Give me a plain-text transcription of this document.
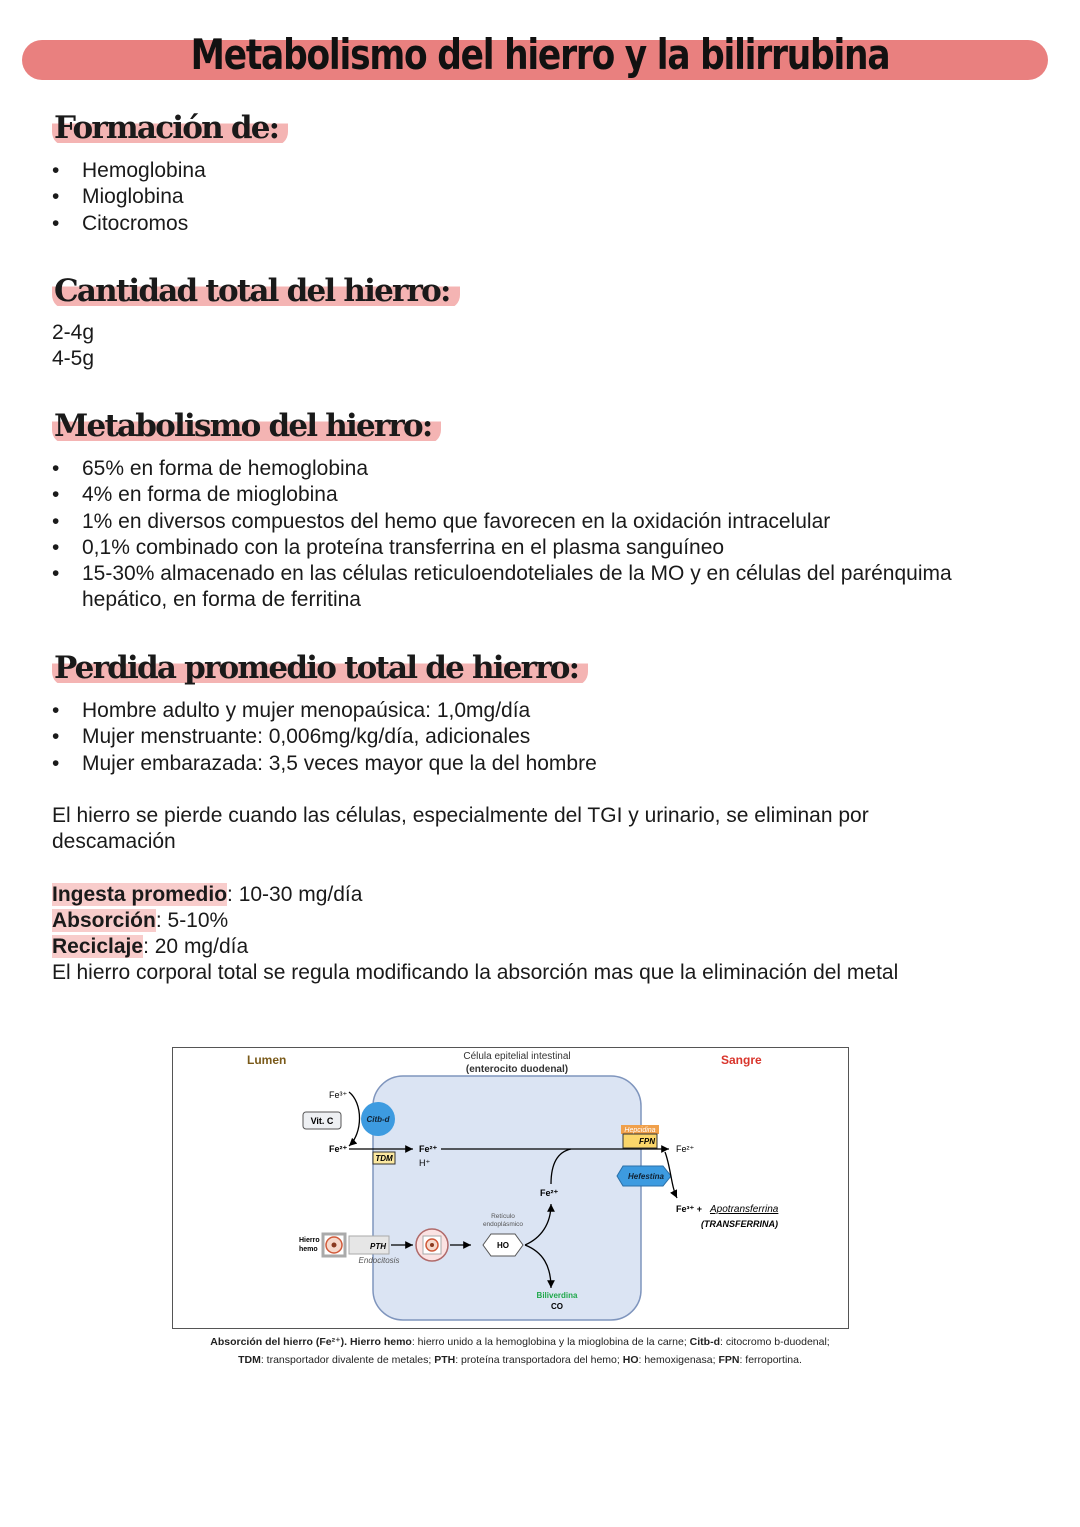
Metabolismo del hierro y la bilirrubina
Formación de:
• Hemoglobina
• Mioglobina
• Citocromos
Cantidad total del hierro:
2-4g
4-5g
Metabolismo del hierro:
• 65% en forma de hemoglobina
• 4% en forma de mioglobina
• 1% en diversos compuestos del hemo que favorecen en la oxidación intracelular
• 0,1% combinado con la proteína transferrina en el plasma sanguíneo
• 15-30% almacenado en las células reticuloendoteliales de la MO y en células del parénquima hepático, en forma de ferritina
Perdida promedio total de hierro:
• Hombre adulto y mujer menopaúsica: 1,0mg/día
• Mujer menstruante: 0,006mg/kg/día, adicionales
• Mujer embarazada: 3,5 veces mayor que la del hombre
El hierro se pierde cuando las células, especialmente del TGI y urinario, se eliminan por descamación
Ingesta promedio: 10-30 mg/día
Absorción: 5-10%
Reciclaje: 20 mg/día
El hierro corporal total se regula modificando la absorción mas que la eliminación del metal
Lumen	Célula epitelial intestinal
(enterocito duodenal)
Sangre
Fe³⁺
Vit. C	Citb-d
Fe²⁺
TDM
Fe²⁺
H⁺
Hepcidina
FPN
Fe²⁺
Hefestina
Fe³⁺ + Apotransferrina
(TRANSFERRINA)
Fe²⁺
Hierro
hemo	PTH
Endocitosis
Retículo
endoplásmico
HO
Biliverdina
CO
Absorción del hierro (Fe²⁺). Hierro hemo: hierro unido a la hemoglobina y la mioglobina de la carne; Citb-d: citocromo b-duodenal;
TDM: transportador divalente de metales; PTH: proteína transportadora del hemo; HO: hemoxigenasa; FPN: ferroportina.
